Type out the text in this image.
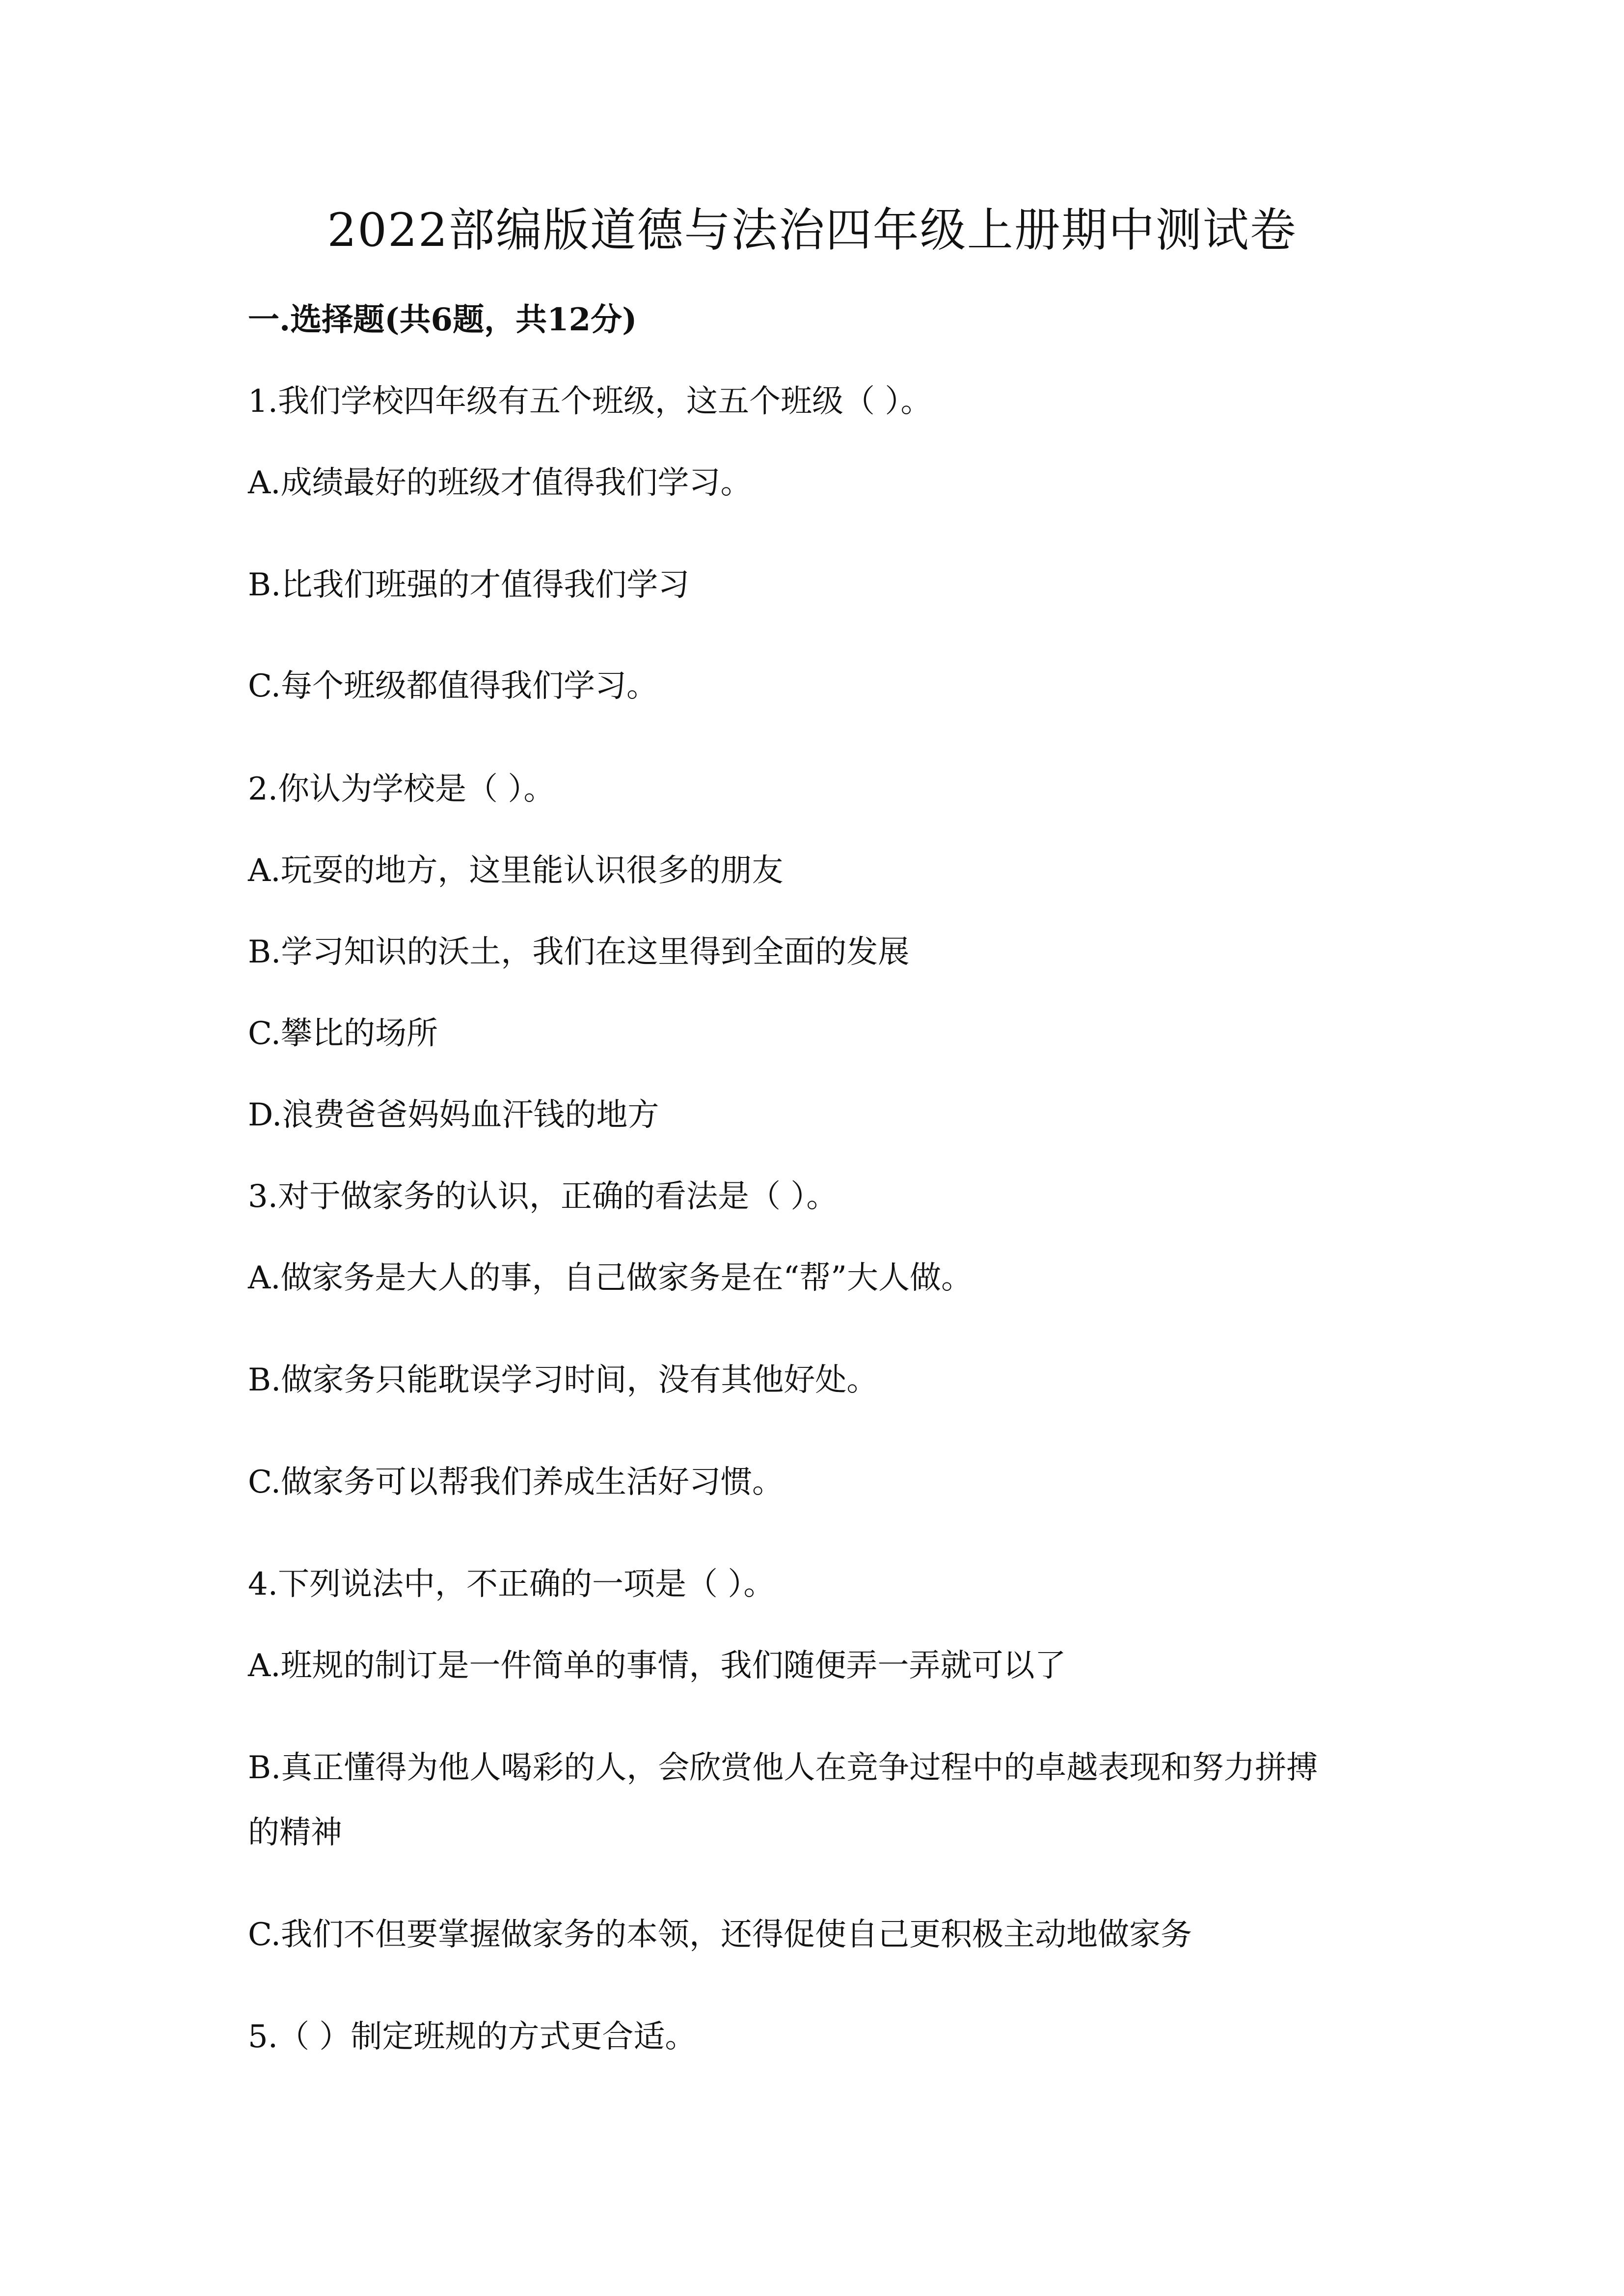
2022部编版道德与法治四年级上册期中测试卷
一.选择题(共6题，共12分)

1.我们学校四年级有五个班级，这五个班级（ ）。

A.成绩最好的班级才值得我们学习。

B.比我们班强的才值得我们学习

C.每个班级都值得我们学习。

2.你认为学校是（ ）。

A.玩耍的地方，这里能认识很多的朋友

B.学习知识的沃土，我们在这里得到全面的发展

C.攀比的场所

D.浪费爸爸妈妈血汗钱的地方

3.对于做家务的认识，正确的看法是（ ）。

A.做家务是大人的事，自己做家务是在“帮”大人做。

B.做家务只能耽误学习时间，没有其他好处。

C.做家务可以帮我们养成生活好习惯。

4.下列说法中，不正确的一项是（ ）。

A.班规的制订是一件简单的事情，我们随便弄一弄就可以了

B.真正懂得为他人喝彩的人，会欣赏他人在竞争过程中的卓越表现和努力拼搏

的精神

C.我们不但要掌握做家务的本领，还得促使自己更积极主动地做家务

5.（ ）制定班规的方式更合适。
